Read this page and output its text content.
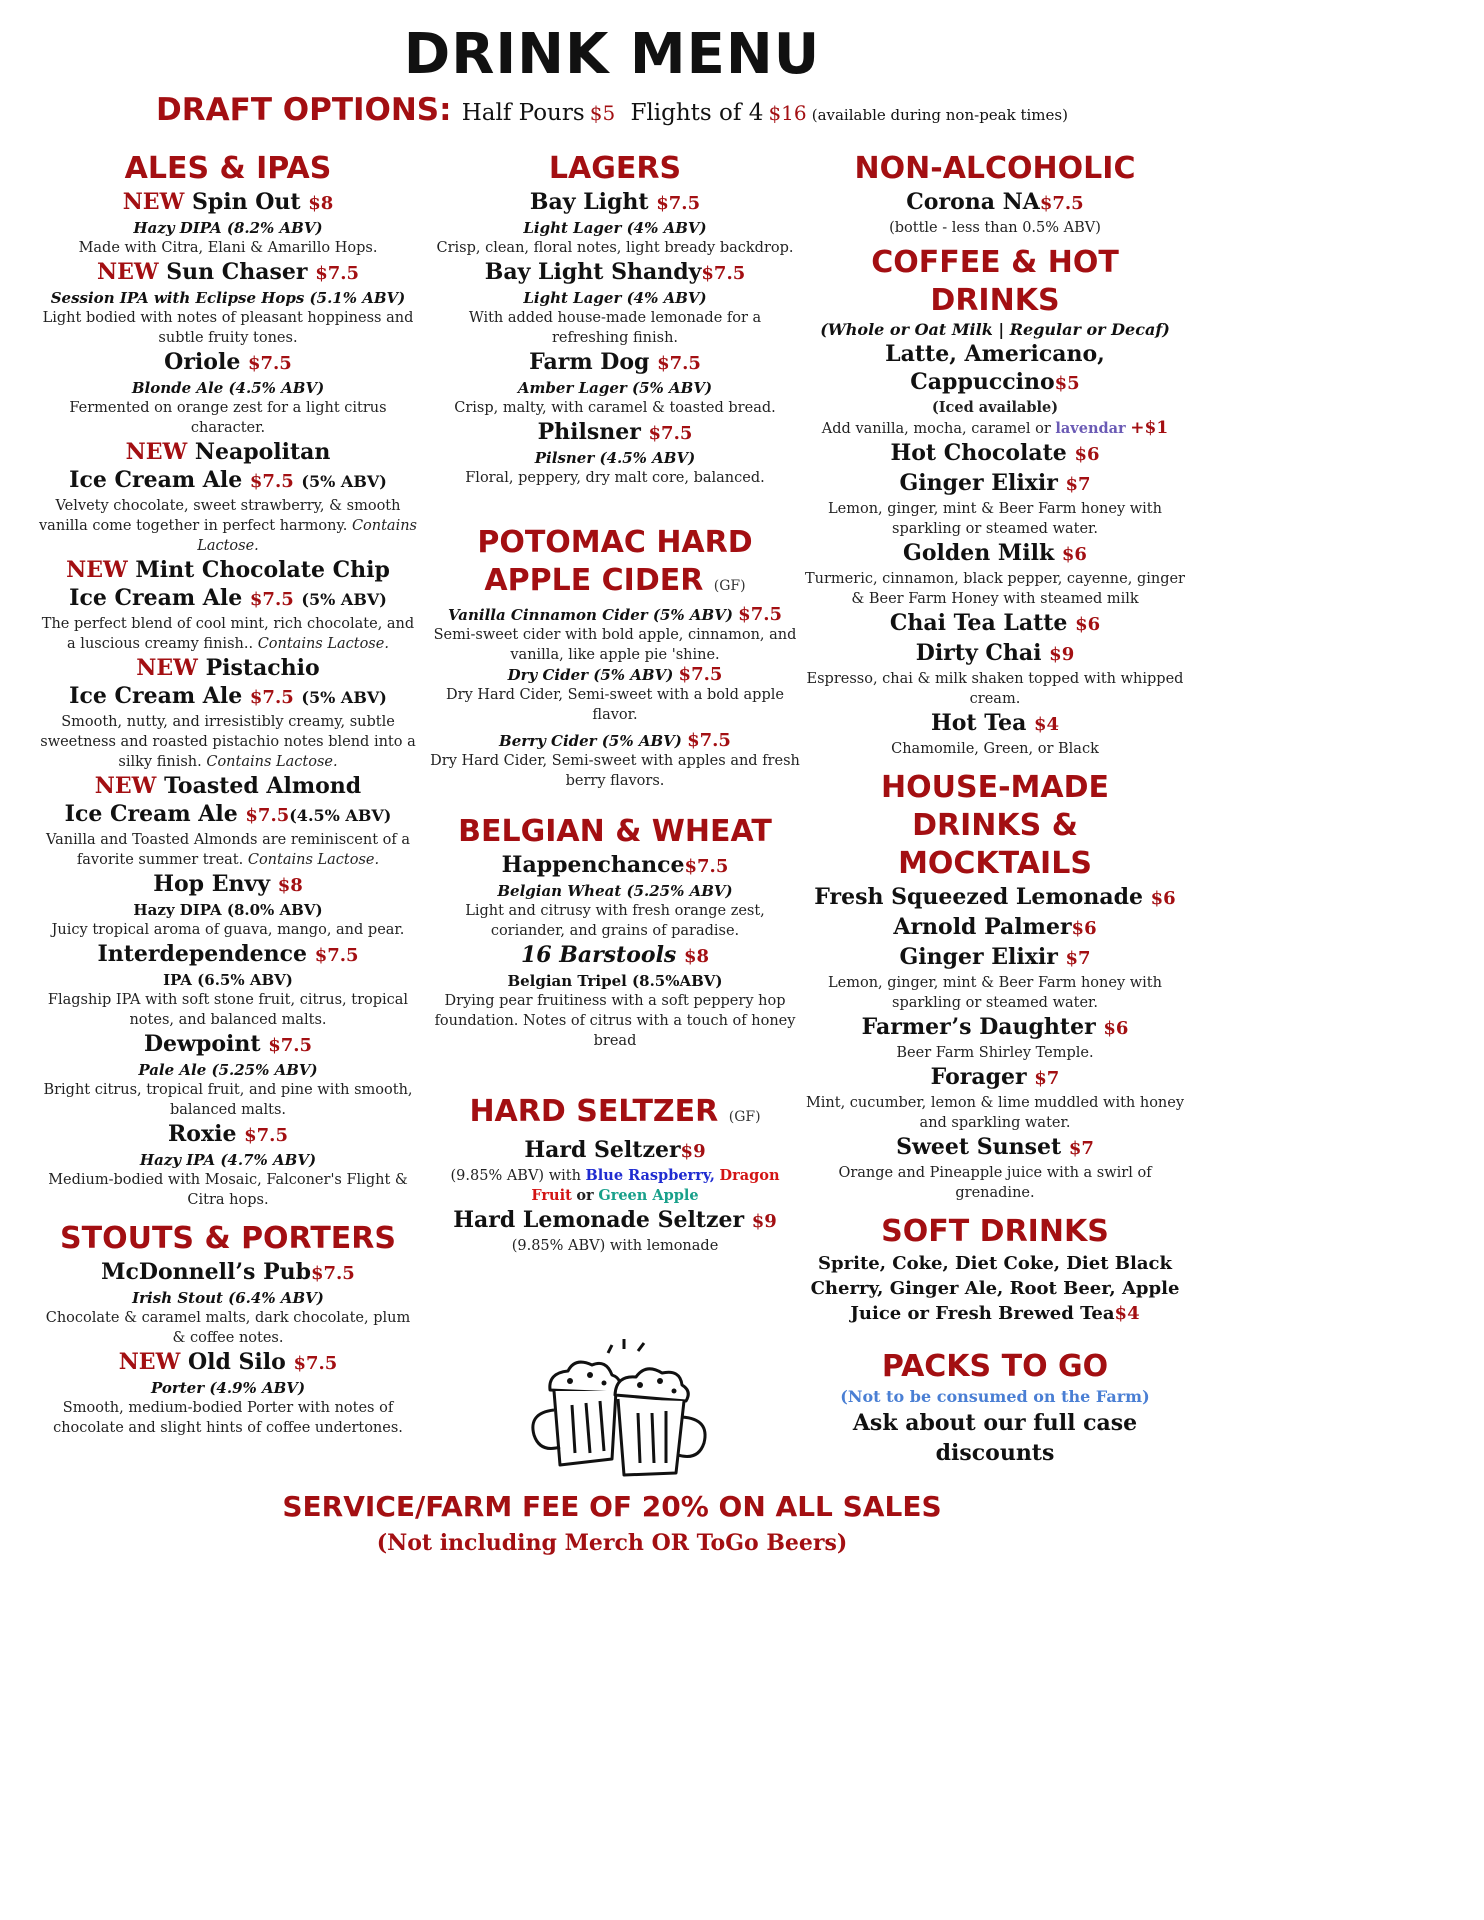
DRINK MENU
DRAFT OPTIONS: Half Pours $5 Flights of 4 $16 (available during non-peak times)
ALES & IPAS
NEW Spin Out $8
Hazy DIPA (8.2% ABV)
Made with Citra, Elani & Amarillo Hops.
NEW Sun Chaser $7.5
Session IPA with Eclipse Hops (5.1% ABV)
Light bodied with notes of pleasant hoppiness and subtle fruity tones.
Oriole $7.5
Blonde Ale (4.5% ABV)
Fermented on orange zest for a light citrus character.
NEW Neapolitan
Ice Cream Ale $7.5 (5% ABV)
Velvety chocolate, sweet strawberry, & smooth vanilla come together in perfect harmony. Contains Lactose.
NEW Mint Chocolate Chip
Ice Cream Ale $7.5 (5% ABV)
The perfect blend of cool mint, rich chocolate, and a luscious creamy finish.. Contains Lactose.
NEW Pistachio
Ice Cream Ale $7.5 (5% ABV)
Smooth, nutty, and irresistibly creamy, subtle sweetness and roasted pistachio notes blend into a silky finish. Contains Lactose.
NEW Toasted Almond
Ice Cream Ale $7.5(4.5% ABV)
Vanilla and Toasted Almonds are reminiscent of a favorite summer treat. Contains Lactose.
Hop Envy $8
Hazy DIPA (8.0% ABV)
Juicy tropical aroma of guava, mango, and pear.
Interdependence $7.5
IPA (6.5% ABV)
Flagship IPA with soft stone fruit, citrus, tropical notes, and balanced malts.
Dewpoint $7.5
Pale Ale (5.25% ABV)
Bright citrus, tropical fruit, and pine with smooth, balanced malts.
Roxie $7.5
Hazy IPA (4.7% ABV)
Medium-bodied with Mosaic, Falconer's Flight & Citra hops.
STOUTS & PORTERS
McDonnell’s Pub$7.5
Irish Stout (6.4% ABV)
Chocolate & caramel malts, dark chocolate, plum & coffee notes.
NEW Old Silo $7.5
Porter (4.9% ABV)
Smooth, medium-bodied Porter with notes of chocolate and slight hints of coffee undertones.
LAGERS
Bay Light $7.5
Light Lager (4% ABV)
Crisp, clean, floral notes, light bready backdrop.
Bay Light Shandy$7.5
Light Lager (4% ABV)
With added house-made lemonade for a refreshing finish.
Farm Dog $7.5
Amber Lager (5% ABV)
Crisp, malty, with caramel & toasted bread.
Philsner $7.5
Pilsner (4.5% ABV)
Floral, peppery, dry malt core, balanced.
POTOMAC HARD
APPLE CIDER (GF)
Vanilla Cinnamon Cider (5% ABV) $7.5
Semi-sweet cider with bold apple, cinnamon, and vanilla, like apple pie 'shine.
Dry Cider (5% ABV) $7.5
Dry Hard Cider, Semi-sweet with a bold apple flavor.
Berry Cider (5% ABV) $7.5
Dry Hard Cider, Semi-sweet with apples and fresh berry flavors.
BELGIAN & WHEAT
Happenchance$7.5
Belgian Wheat (5.25% ABV)
Light and citrusy with fresh orange zest, coriander, and grains of paradise.
16 Barstools $8
Belgian Tripel (8.5%ABV)
Drying pear fruitiness with a soft peppery hop foundation. Notes of citrus with a touch of honey bread
HARD SELTZER (GF)
Hard Seltzer$9
(9.85% ABV) with Blue Raspberry, Dragon Fruit or Green Apple
Hard Lemonade Seltzer $9
(9.85% ABV) with lemonade
NON-ALCOHOLIC
Corona NA$7.5
(bottle - less than 0.5% ABV)
COFFEE & HOT
DRINKS
(Whole or Oat Milk | Regular or Decaf)
Latte, Americano, Cappuccino$5
(Iced available)
Add vanilla, mocha, caramel or lavendar +$1
Hot Chocolate $6
Ginger Elixir $7
Lemon, ginger, mint & Beer Farm honey with sparkling or steamed water.
Golden Milk $6
Turmeric, cinnamon, black pepper, cayenne, ginger & Beer Farm Honey with steamed milk
Chai Tea Latte $6
Dirty Chai $9
Espresso, chai & milk shaken topped with whipped cream.
Hot Tea $4
Chamomile, Green, or Black
HOUSE-MADE
DRINKS &
MOCKTAILS
Fresh Squeezed Lemonade $6
Arnold Palmer$6
Ginger Elixir $7
Lemon, ginger, mint & Beer Farm honey with sparkling or steamed water.
Farmer’s Daughter $6
Beer Farm Shirley Temple.
Forager $7
Mint, cucumber, lemon & lime muddled with honey and sparkling water.
Sweet Sunset $7
Orange and Pineapple juice with a swirl of grenadine.
SOFT DRINKS
Sprite, Coke, Diet Coke, Diet Black Cherry, Ginger Ale, Root Beer, Apple Juice or Fresh Brewed Tea$4
PACKS TO GO
(Not to be consumed on the Farm)
Ask about our full case discounts
SERVICE/FARM FEE OF 20% ON ALL SALES
(Not including Merch OR ToGo Beers)
